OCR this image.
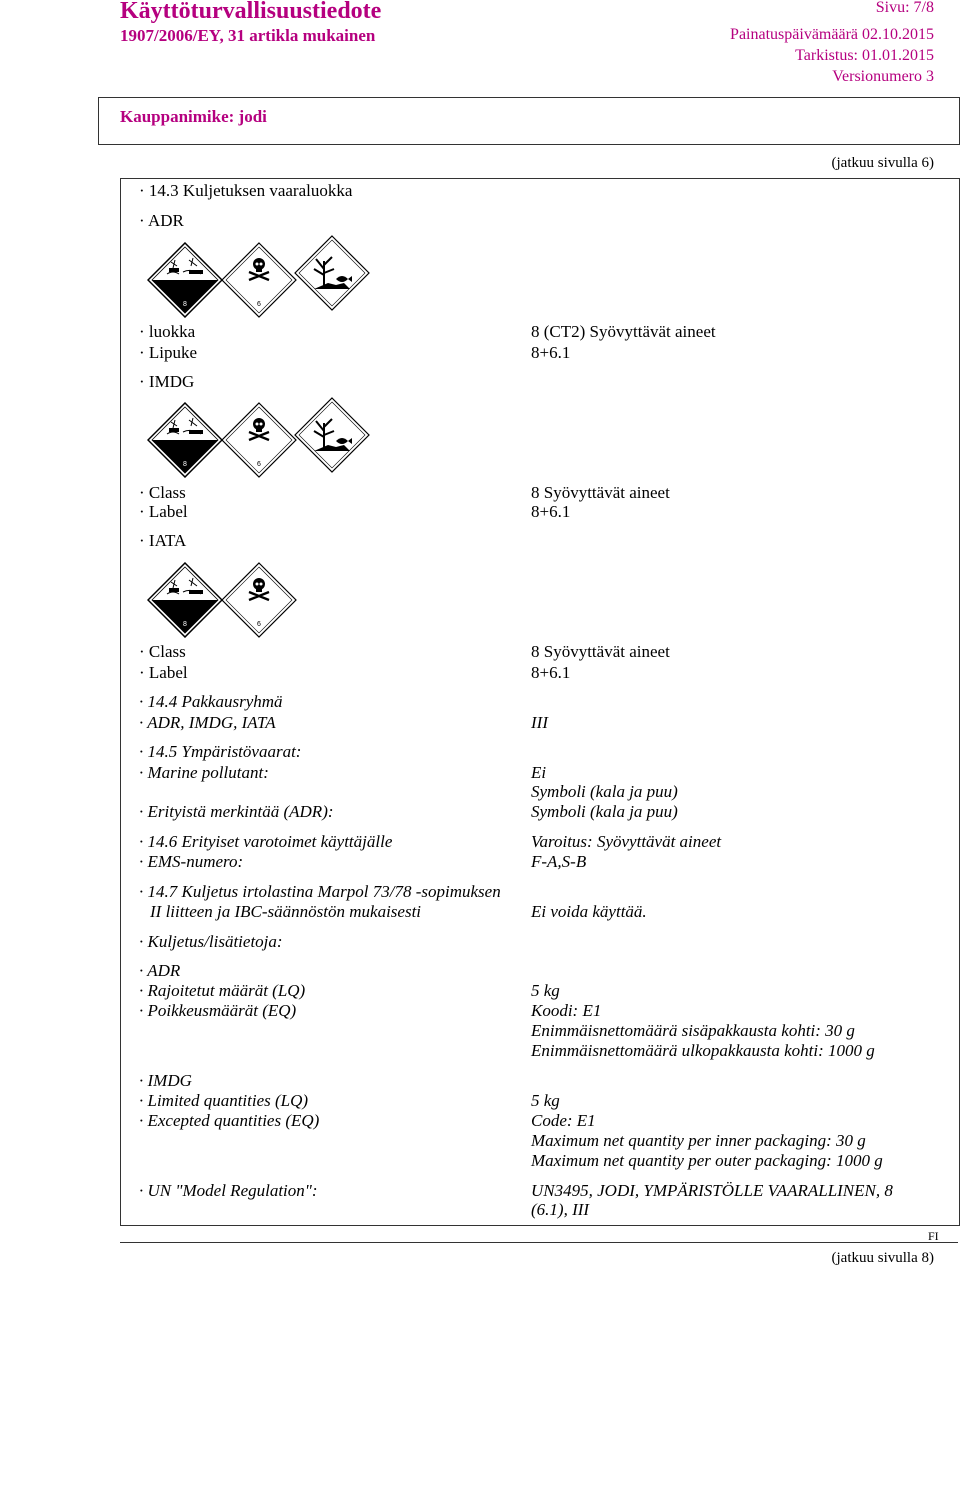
Käyttöturvallisuustiedote
1907/2006/EY, 31 artikla mukainen
Sivu: 7/8
Painatuspäivämäärä 02.10.2015
Tarkistus: 01.01.2015
Versionumero 3
Kauppanimike: jodi
(jatkuu sivulla 6)
· 14.3 Kuljetuksen vaaraluokka
· ADR
8	6
· luokka	8 (CT2) Syövyttävät aineet
· Lipuke	8+6.1
· IMDG
8	6
· Class	8 Syövyttävät aineet
· Label	8+6.1
· IATA
8	6
· Class	8 Syövyttävät aineet
· Label	8+6.1
· 14.4 Pakkausryhmä
· ADR, IMDG, IATA	III
· 14.5 Ympäristövaarat:
· Marine pollutant:	Ei
Symboli (kala ja puu)
· Erityistä merkintää (ADR):	Symboli (kala ja puu)
· 14.6 Erityiset varotoimet käyttäjälle	Varoitus: Syövyttävät aineet
· EMS-numero:	F-A,S-B
· 14.7 Kuljetus irtolastina Marpol 73/78 -sopimuksen
II liitteen ja IBC-säännöstön mukaisesti	Ei voida käyttää.
· Kuljetus/lisätietoja:
· ADR
· Rajoitetut määrät (LQ)	5 kg
· Poikkeusmäärät (EQ)	Koodi: E1
Enimmäisnettomäärä sisäpakkausta kohti: 30 g
Enimmäisnettomäärä ulkopakkausta kohti: 1000 g
· IMDG
· Limited quantities (LQ)	5 kg
· Excepted quantities (EQ)	Code: E1
Maximum net quantity per inner packaging: 30 g
Maximum net quantity per outer packaging: 1000 g
· UN "Model Regulation":	UN3495, JODI, YMPÄRISTÖLLE VAARALLINEN, 8
(6.1), III
FI
(jatkuu sivulla 8)
